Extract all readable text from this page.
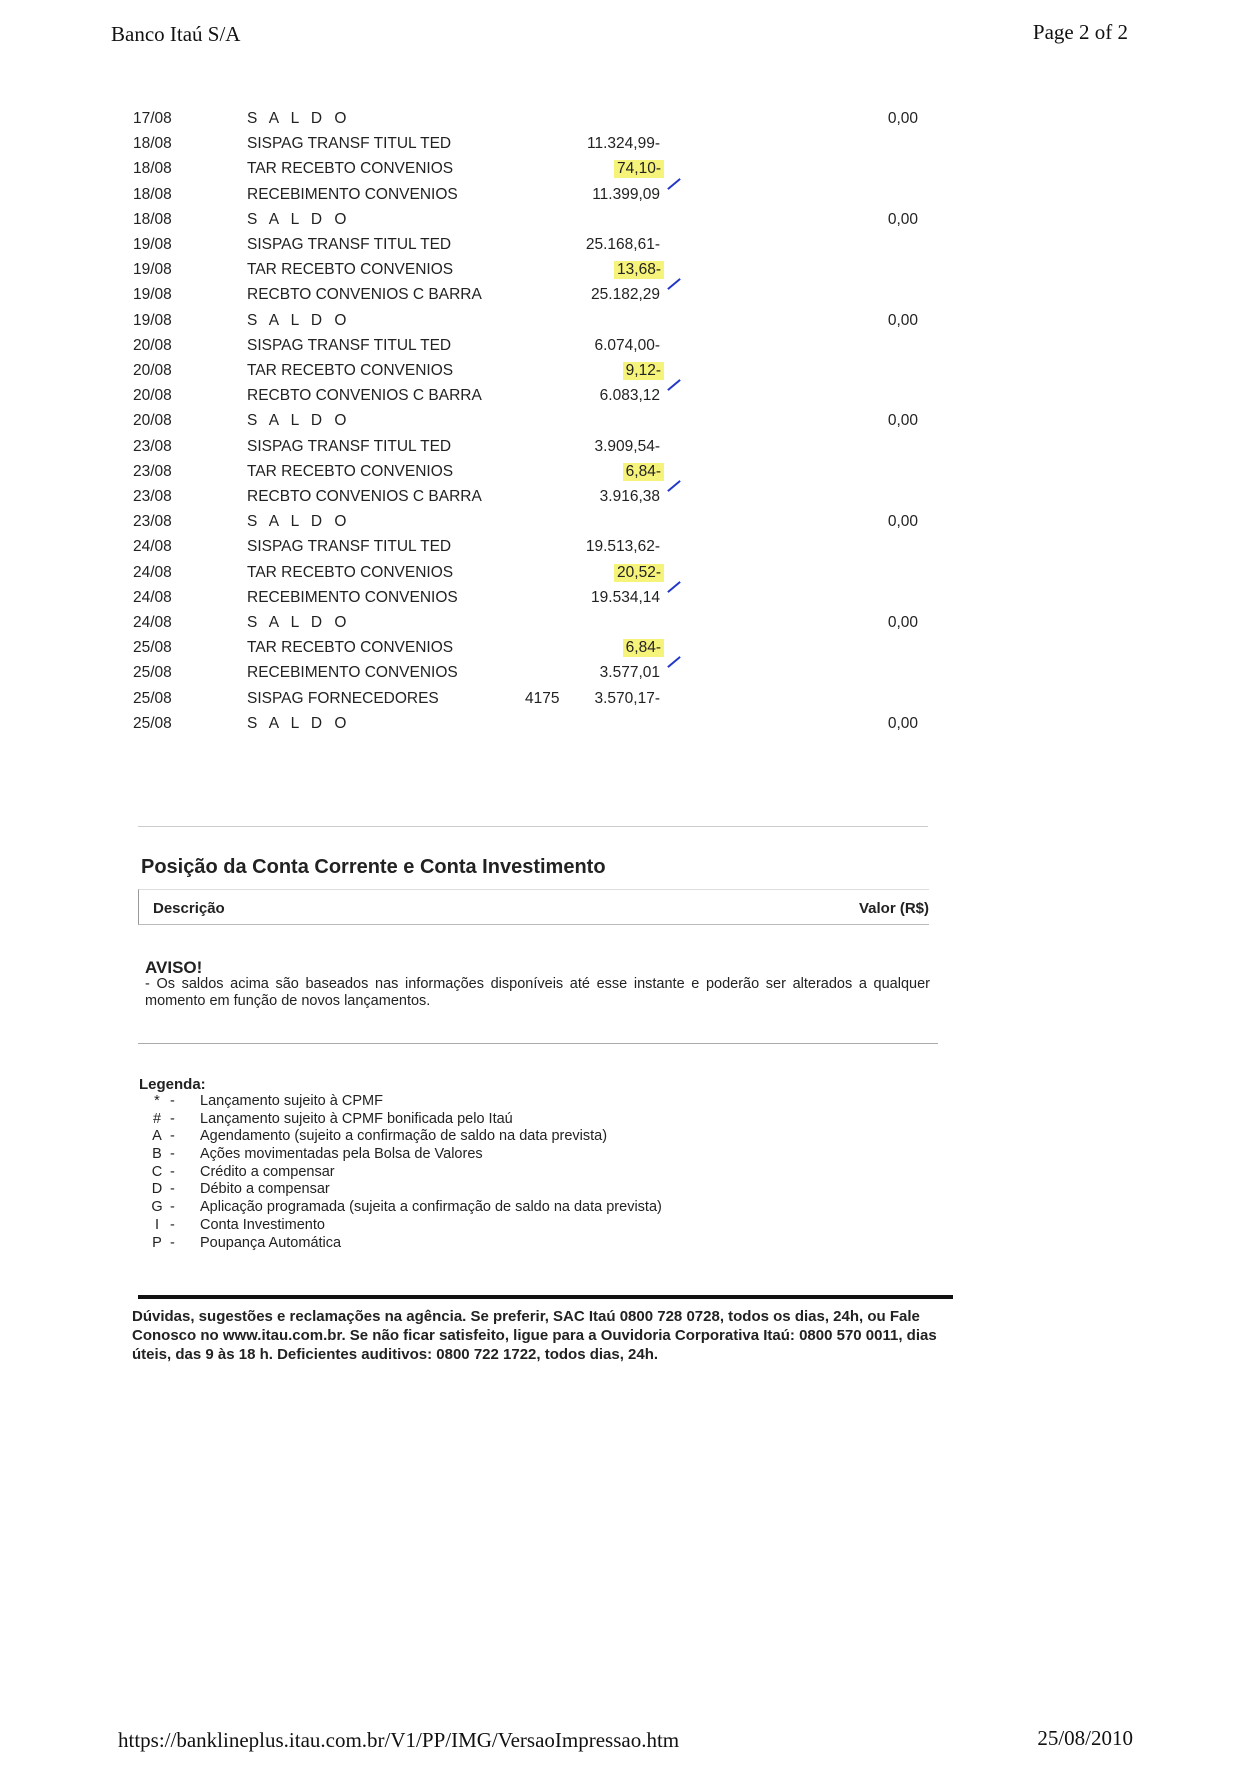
Banco Itaú S/A	Page 2 of 2
17/08	S A L D O	0,00
18/08	SISPAG TRANSF TITUL TED	11.324,99-
18/08	TAR RECEBTO CONVENIOS	74,10-
18/08	RECEBIMENTO CONVENIOS	11.399,09
18/08	S A L D O	0,00
19/08	SISPAG TRANSF TITUL TED	25.168,61-
19/08	TAR RECEBTO CONVENIOS	13,68-
19/08	RECBTO CONVENIOS C BARRA	25.182,29
19/08	S A L D O	0,00
20/08	SISPAG TRANSF TITUL TED	6.074,00-
20/08	TAR RECEBTO CONVENIOS	9,12-
20/08	RECBTO CONVENIOS C BARRA	6.083,12
20/08	S A L D O	0,00
23/08	SISPAG TRANSF TITUL TED	3.909,54-
23/08	TAR RECEBTO CONVENIOS	6,84-
23/08	RECBTO CONVENIOS C BARRA	3.916,38
23/08	S A L D O	0,00
24/08	SISPAG TRANSF TITUL TED	19.513,62-
24/08	TAR RECEBTO CONVENIOS	20,52-
24/08	RECEBIMENTO CONVENIOS	19.534,14
24/08	S A L D O	0,00
25/08	TAR RECEBTO CONVENIOS	6,84-
25/08	RECEBIMENTO CONVENIOS	3.577,01
25/08	SISPAG FORNECEDORES	4175 3.570,17-
25/08	S A L D O	0,00
Posição da Conta Corrente e Conta Investimento
Descrição	Valor (R$)
AVISO!
- Os saldos acima são baseados nas informações disponíveis até esse instante e poderão ser alterados a qualquer momento em função de novos lançamentos.
Legenda:
* - Lançamento sujeito à CPMF
# - Lançamento sujeito à CPMF bonificada pelo Itaú
A - Agendamento (sujeito a confirmação de saldo na data prevista)
B - Ações movimentadas pela Bolsa de Valores
C - Crédito a compensar
D - Débito a compensar
G - Aplicação programada (sujeita a confirmação de saldo na data prevista)
I - Conta Investimento
P - Poupança Automática
Dúvidas, sugestões e reclamações na agência. Se preferir, SAC Itaú 0800 728 0728, todos os dias, 24h, ou Fale Conosco no www.itau.com.br. Se não ficar satisfeito, ligue para a Ouvidoria Corporativa Itaú: 0800 570 0011, dias úteis, das 9 às 18 h. Deficientes auditivos: 0800 722 1722, todos dias, 24h.
https://banklineplus.itau.com.br/V1/PP/IMG/VersaoImpressao.htm	25/08/2010
